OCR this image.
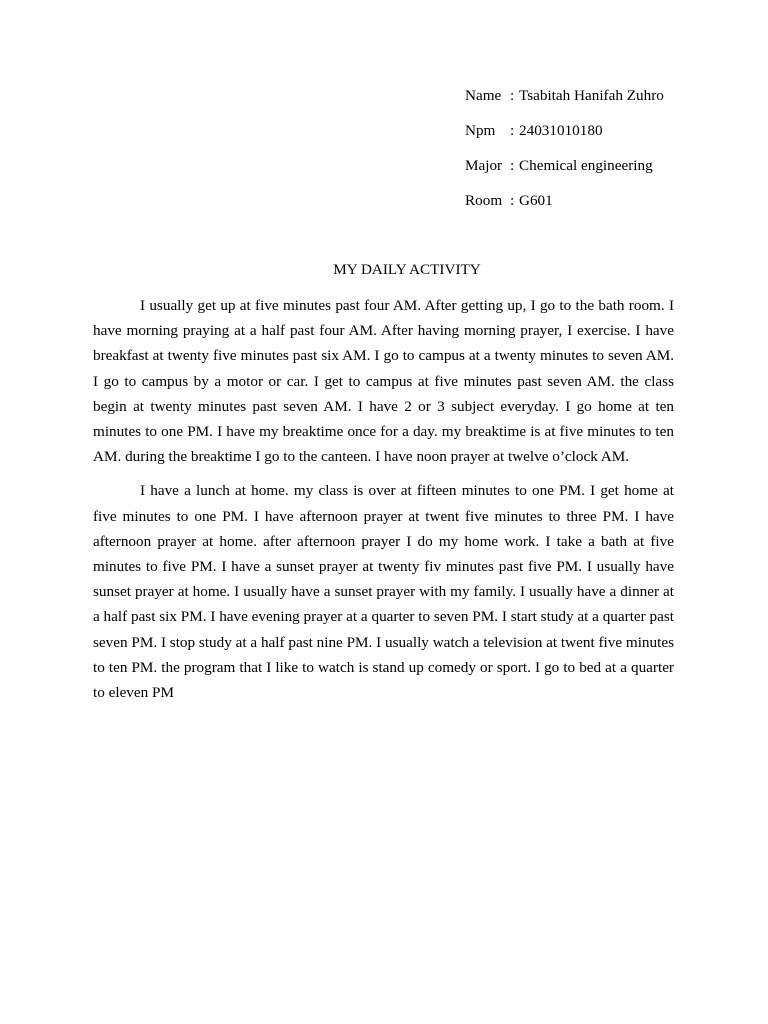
Name : Tsabitah Hanifah Zuhro
Npm : 24031010180
Major : Chemical engineering
Room : G601
MY DAILY ACTIVITY

I usually get up at five minutes past four AM. After getting up, I go to the bath room. I have morning praying at a half past four AM. After having morning prayer, I exercise. I have breakfast at twenty five minutes past six AM. I go to campus at a twenty minutes to seven AM. I go to campus by a motor or car. I get to campus at five minutes past seven AM. the class begin at twenty minutes past seven AM. I have 2 or 3 subject everyday. I go home at ten minutes to one PM. I have my breaktime once for a day. my breaktime is at five minutes to ten AM. during the breaktime I go to the canteen. I have noon prayer at twelve o’clock AM.

I have a lunch at home. my class is over at fifteen minutes to one PM. I get home at five minutes to one PM. I have afternoon prayer at twent five minutes to three PM. I have afternoon prayer at home. after afternoon prayer I do my home work. I take a bath at five minutes to five PM. I have a sunset prayer at twenty fiv minutes past five PM. I usually have sunset prayer at home. I usually have a sunset prayer with my family. I usually have a dinner at a half past six PM. I have evening prayer at a quarter to seven PM. I start study at a quarter past seven PM. I stop study at a half past nine PM. I usually watch a television at twent five minutes to ten PM. the program that I like to watch is stand up comedy or sport. I go to bed at a quarter to eleven PM
